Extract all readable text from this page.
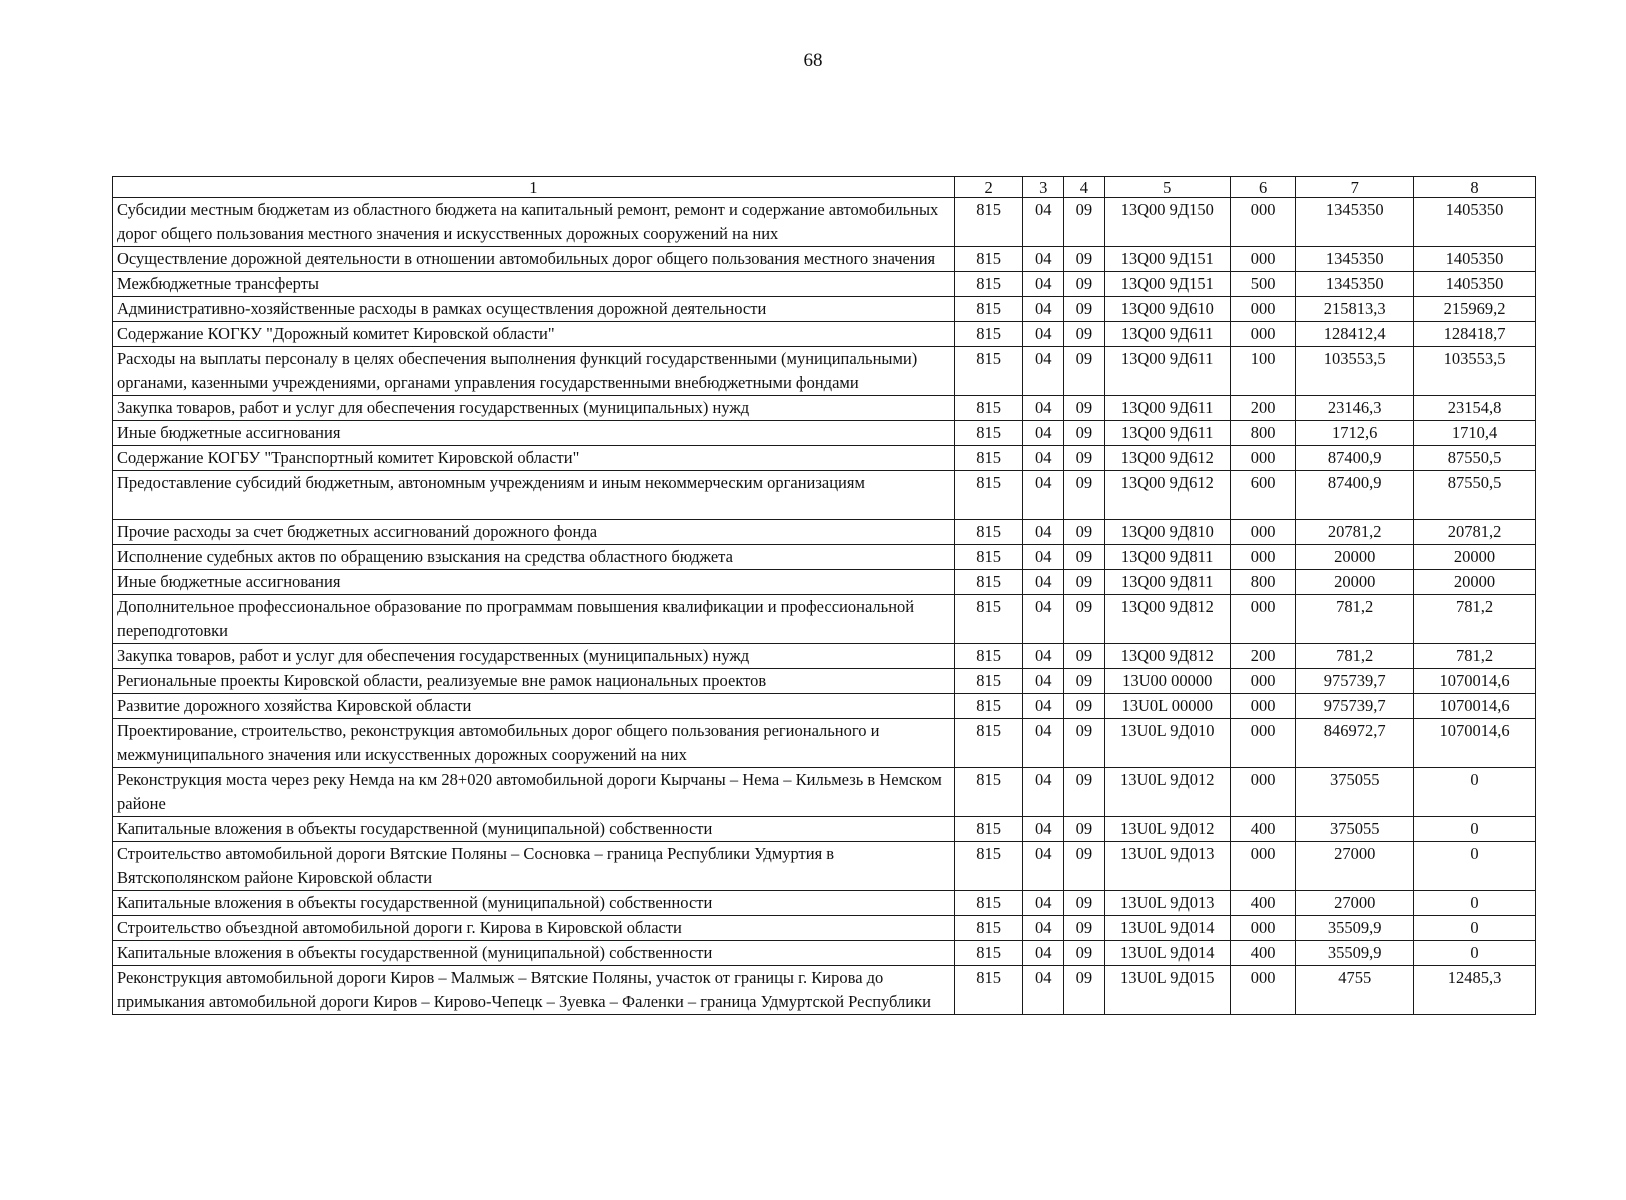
68
1	2	3	4	5	6	7	8
Субсидии местным бюджетам из областного бюджета на капитальный ремонт, ремонт и содержание автомобильных дорог общего пользования местного значения и искусственных дорожных сооружений на них	815	04	09	13Q00 9Д150	000	1345350	1405350
Осуществление дорожной деятельности в отношении автомобильных дорог общего пользования местного значения	815	04	09	13Q00 9Д151	000	1345350	1405350
Межбюджетные трансферты	815	04	09	13Q00 9Д151	500	1345350	1405350
Административно-хозяйственные расходы в рамках осуществления дорожной деятельности	815	04	09	13Q00 9Д610	000	215813,3	215969,2
Содержание КОГКУ "Дорожный комитет Кировской области"	815	04	09	13Q00 9Д611	000	128412,4	128418,7
Расходы на выплаты персоналу в целях обеспечения выполнения функций государственными (муниципальными) органами, казенными учреждениями, органами управления государственными внебюджетными фондами	815	04	09	13Q00 9Д611	100	103553,5	103553,5
Закупка товаров, работ и услуг для обеспечения государственных (муниципальных) нужд	815	04	09	13Q00 9Д611	200	23146,3	23154,8
Иные бюджетные ассигнования	815	04	09	13Q00 9Д611	800	1712,6	1710,4
Содержание КОГБУ "Транспортный комитет Кировской области"	815	04	09	13Q00 9Д612	000	87400,9	87550,5
Предоставление субсидий бюджетным, автономным учреждениям и иным некоммерческим организациям	815	04	09	13Q00 9Д612	600	87400,9	87550,5
Прочие расходы за счет бюджетных ассигнований дорожного фонда	815	04	09	13Q00 9Д810	000	20781,2	20781,2
Исполнение судебных актов по обращению взыскания на средства областного бюджета	815	04	09	13Q00 9Д811	000	20000	20000
Иные бюджетные ассигнования	815	04	09	13Q00 9Д811	800	20000	20000
Дополнительное профессиональное образование по программам повышения квалификации и профессиональной переподготовки	815	04	09	13Q00 9Д812	000	781,2	781,2
Закупка товаров, работ и услуг для обеспечения государственных (муниципальных) нужд	815	04	09	13Q00 9Д812	200	781,2	781,2
Региональные проекты Кировской области, реализуемые вне рамок национальных проектов	815	04	09	13U00 00000	000	975739,7	1070014,6
Развитие дорожного хозяйства Кировской области	815	04	09	13U0L 00000	000	975739,7	1070014,6
Проектирование, строительство, реконструкция автомобильных дорог общего пользования регионального и межмуниципального значения или искусственных дорожных сооружений на них	815	04	09	13U0L 9Д010	000	846972,7	1070014,6
Реконструкция моста через реку Немда на км 28+020 автомобильной дороги Кырчаны – Нема – Кильмезь в Немском районе	815	04	09	13U0L 9Д012	000	375055	0
Капитальные вложения в объекты государственной (муниципальной) собственности	815	04	09	13U0L 9Д012	400	375055	0
Строительство автомобильной дороги Вятские Поляны – Сосновка – граница Республики Удмуртия в Вятскополянском районе Кировской области	815	04	09	13U0L 9Д013	000	27000	0
Капитальные вложения в объекты государственной (муниципальной) собственности	815	04	09	13U0L 9Д013	400	27000	0
Строительство объездной автомобильной дороги г. Кирова в Кировской области	815	04	09	13U0L 9Д014	000	35509,9	0
Капитальные вложения в объекты государственной (муниципальной) собственности	815	04	09	13U0L 9Д014	400	35509,9	0
Реконструкция автомобильной дороги Киров – Малмыж – Вятские Поляны, участок от границы г. Кирова до примыкания автомобильной дороги Киров – Кирово-Чепецк – Зуевка – Фаленки – граница Удмуртской Республики	815	04	09	13U0L 9Д015	000	4755	12485,3
